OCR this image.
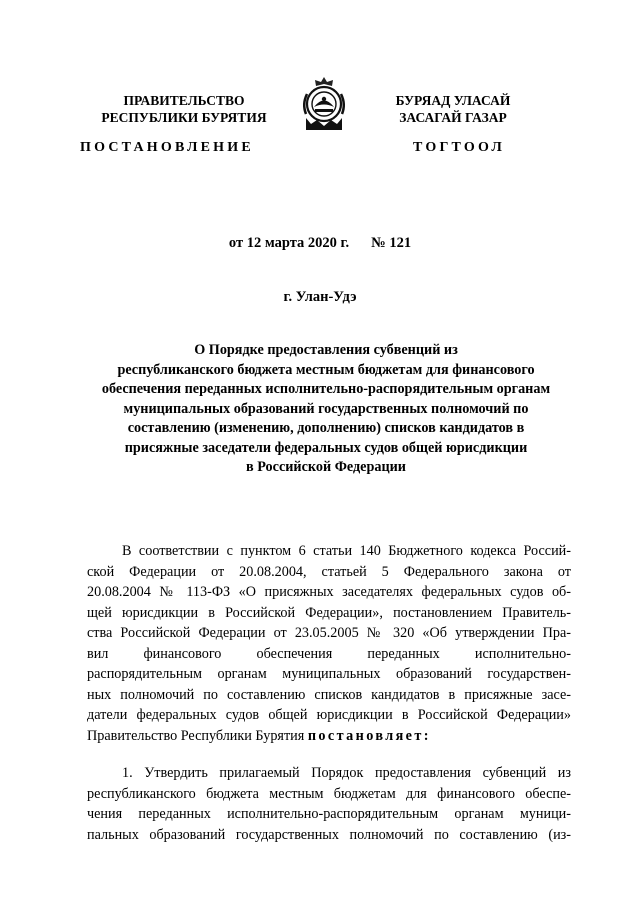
ПРАВИТЕЛЬСТВО
РЕСПУБЛИКИ БУРЯТИЯ
БУРЯАД УЛАСАЙ
ЗАСАГАЙ ГАЗАР
ПОСТАНОВЛЕНИЕ	ТОГТООЛ
от 12 марта 2020 г. № 121
г. Улан-Удэ
О Порядке предоставления субвенций из
республиканского бюджета местным бюджетам для финансового
обеспечения переданных исполнительно-распорядительным органам
муниципальных образований государственных полномочий по
составлению (изменению, дополнению) списков кандидатов в
присяжные заседатели федеральных судов общей юрисдикции
в Российской Федерации
В соответствии с пунктом 6 статьи 140 Бюджетного кодекса Россий-
ской Федерации от 20.08.2004, статьей 5 Федерального закона от
20.08.2004 № 113-ФЗ «О присяжных заседателях федеральных судов об-
щей юрисдикции в Российской Федерации», постановлением Правитель-
ства Российской Федерации от 23.05.2005 № 320 «Об утверждении Пра-
вил финансового обеспечения переданных исполнительно-
распорядительным органам муниципальных образований государствен-
ных полномочий по составлению списков кандидатов в присяжные засе-
датели федеральных судов общей юрисдикции в Российской Федерации»
Правительство Республики Бурятия постановляет:
1. Утвердить прилагаемый Порядок предоставления субвенций из
республиканского бюджета местным бюджетам для финансового обеспе-
чения переданных исполнительно-распорядительным органам муници-
пальных образований государственных полномочий по составлению (из-
